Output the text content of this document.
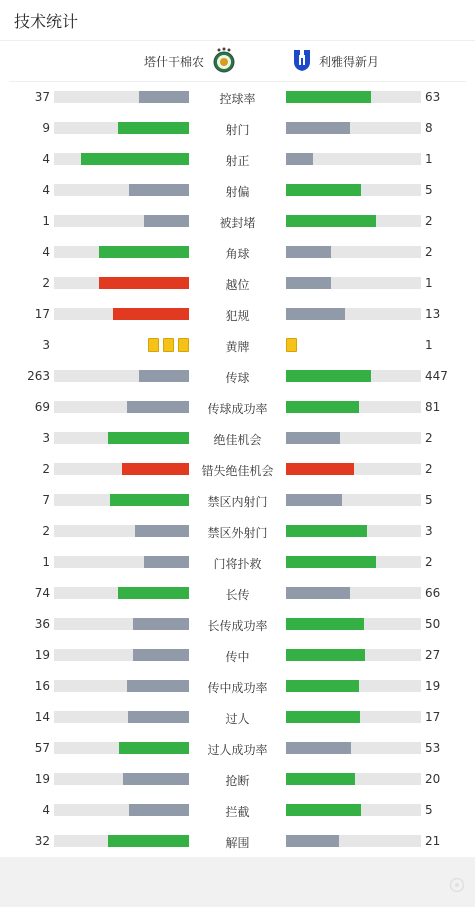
技术统计
塔什干棉农	利雅得新月
37	控球率	63
9	射门	8
4	射正	1
4	射偏	5
1	被封堵	2
4	角球	2
2	越位	1
17	犯规	13
3	黄牌	1
263	传球	447
69	传球成功率	81
3	绝佳机会	2
2	错失绝佳机会	2
7	禁区内射门	5
2	禁区外射门	3
1	门将扑救	2
74	长传	66
36	长传成功率	50
19	传中	27
16	传中成功率	19
14	过人	17
57	过人成功率	53
19	抢断	20
4	拦截	5
32	解围	21
